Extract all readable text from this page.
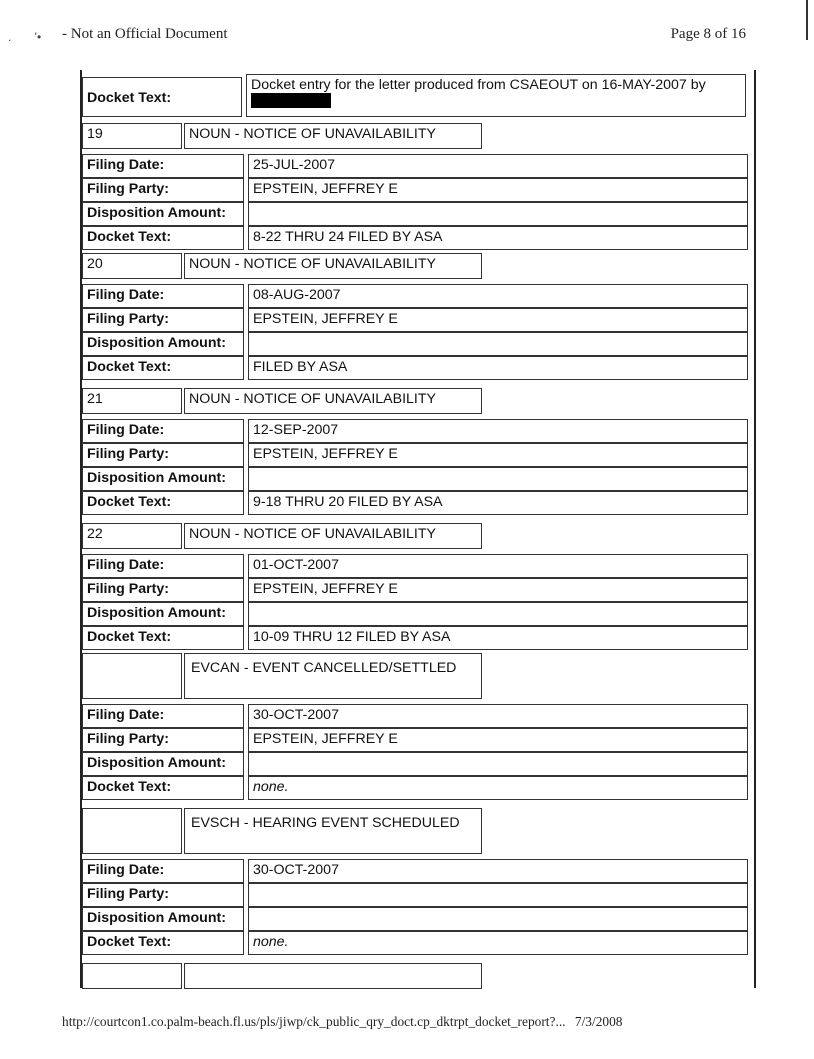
.       '• - Not an Official Document	Page 8 of 16
Docket Text:
Docket entry for the letter produced from CSAEOUT on 16-MAY-2007 by
19	NOUN - NOTICE OF UNAVAILABILITY
Filing Date:	25-JUL-2007
Filing Party:	EPSTEIN, JEFFREY E
Disposition Amount:
Docket Text:	8-22 THRU 24 FILED BY ASA
20	NOUN - NOTICE OF UNAVAILABILITY
Filing Date:	08-AUG-2007
Filing Party:	EPSTEIN, JEFFREY E
Disposition Amount:
Docket Text:	FILED BY ASA
21	NOUN - NOTICE OF UNAVAILABILITY
Filing Date:	12-SEP-2007
Filing Party:	EPSTEIN, JEFFREY E
Disposition Amount:
Docket Text:	9-18 THRU 20 FILED BY ASA
22	NOUN - NOTICE OF UNAVAILABILITY
Filing Date:	01-OCT-2007
Filing Party:	EPSTEIN, JEFFREY E
Disposition Amount:
Docket Text:	10-09 THRU 12 FILED BY ASA
EVCAN - EVENT CANCELLED/SETTLED
Filing Date:	30-OCT-2007
Filing Party:	EPSTEIN, JEFFREY E
Disposition Amount:
Docket Text:	none.
EVSCH - HEARING EVENT SCHEDULED
Filing Date:	30-OCT-2007
Filing Party:
Disposition Amount:
Docket Text:	none.
http://courtcon1.co.palm-beach.fl.us/pls/jiwp/ck_public_qry_doct.cp_dktrpt_docket_report?... 7/3/2008
